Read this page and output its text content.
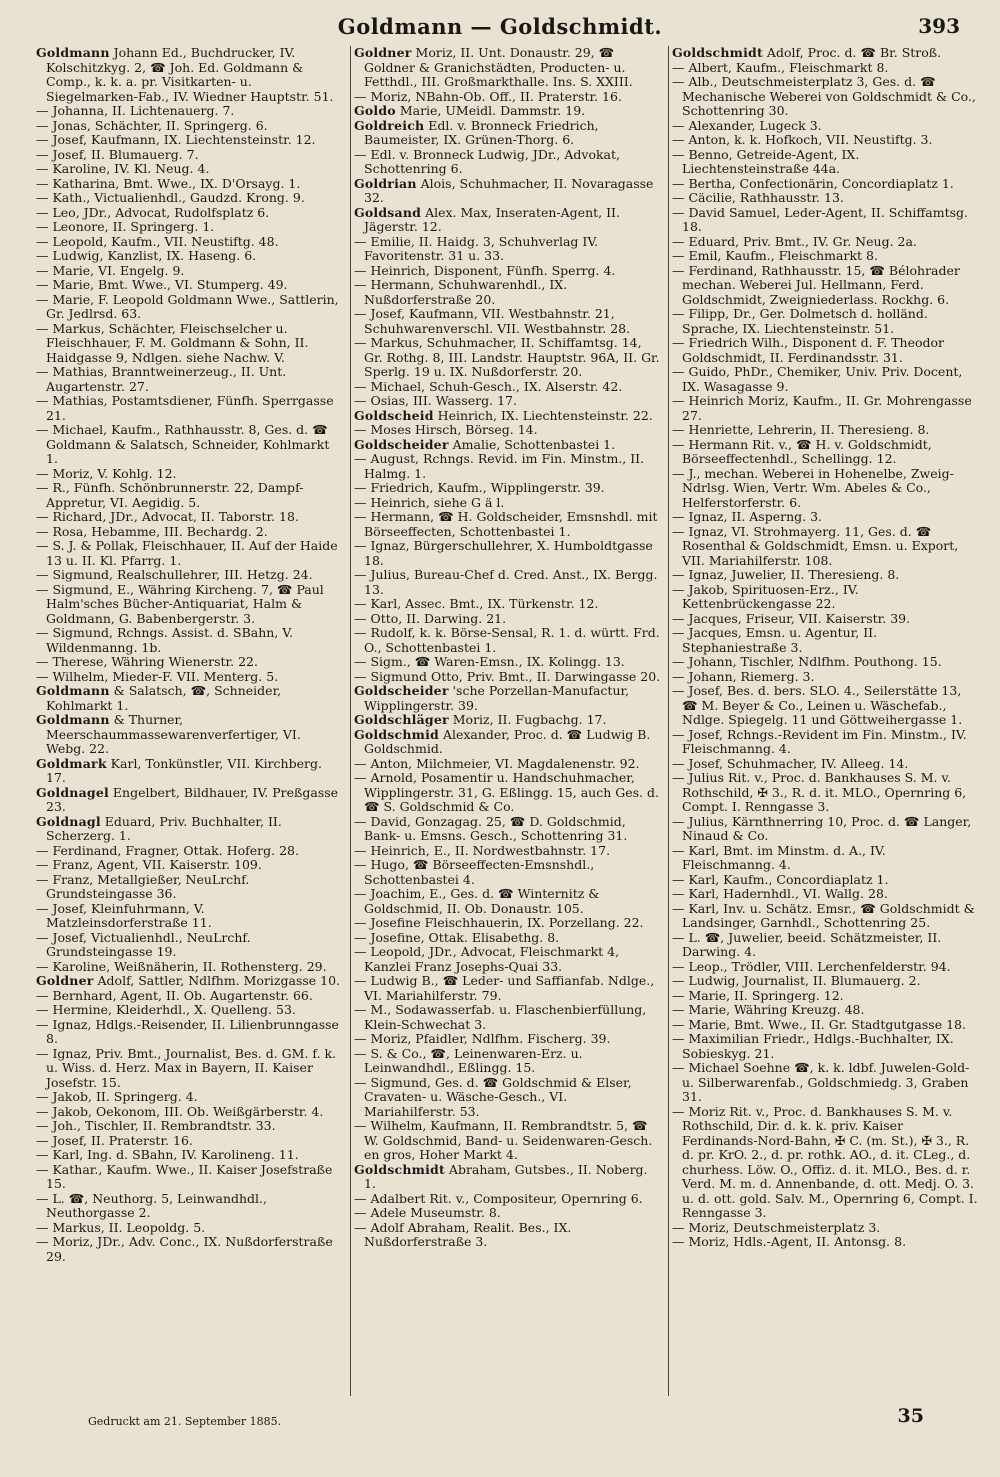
Goldmann — Goldschmidt.	393
Goldmann Johann Ed., Buchdrucker, IV. Kolschitzkyg. 2, ☎ Joh. Ed. Goldmann & Comp., k. k. a. pr. Visitkarten- u. Siegelmarken-Fab., IV. Wiedner Hauptstr. 51.
— Johanna, II. Lichtenauerg. 7.
— Jonas, Schächter, II. Springerg. 6.
— Josef, Kaufmann, IX. Liechtensteinstr. 12.
— Josef, II. Blumauerg. 7.
— Karoline, IV. Kl. Neug. 4.
— Katharina, Bmt. Wwe., IX. D'Orsayg. 1.
— Kath., Victualienhdl., Gaudzd. Krong. 9.
— Leo, JDr., Advocat, Rudolfsplatz 6.
— Leonore, II. Springerg. 1.
— Leopold, Kaufm., VII. Neustiftg. 48.
— Ludwig, Kanzlist, IX. Haseng. 6.
— Marie, VI. Engelg. 9.
— Marie, Bmt. Wwe., VI. Stumperg. 49.
— Marie, F. Leopold Goldmann Wwe., Sattlerin, Gr. Jedlrsd. 63.
— Markus, Schächter, Fleischselcher u. Fleischhauer, F. M. Goldmann & Sohn, II. Haidgasse 9, Ndlgen. siehe Nachw. V.
— Mathias, Branntweinerzeug., II. Unt. Augartenstr. 27.
— Mathias, Postamtsdiener, Fünfh. Sperrgasse 21.
— Michael, Kaufm., Rathhausstr. 8, Ges. d. ☎ Goldmann & Salatsch, Schneider, Kohlmarkt 1.
— Moriz, V. Kohlg. 12.
— R., Fünfh. Schönbrunnerstr. 22, Dampf-Appretur, VI. Aegidig. 5.
— Richard, JDr., Advocat, II. Taborstr. 18.
— Rosa, Hebamme, III. Bechardg. 2.
— S. J. & Pollak, Fleischhauer, II. Auf der Haide 13 u. II. Kl. Pfarrg. 1.
— Sigmund, Realschullehrer, III. Hetzg. 24.
— Sigmund, E., Währing Kircheng. 7, ☎ Paul Halm'sches Bücher-Antiquariat, Halm & Goldmann, G. Babenbergerstr. 3.
— Sigmund, Rchngs. Assist. d. SBahn, V. Wildenmanng. 1b.
— Therese, Währing Wienerstr. 22.
— Wilhelm, Mieder-F. VII. Menterg. 5.
Goldmann & Salatsch, ☎, Schneider, Kohlmarkt 1.
Goldmann & Thurner, Meerschaummassewarenverfertiger, VI. Webg. 22.
Goldmark Karl, Tonkünstler, VII. Kirchberg. 17.
Goldnagel Engelbert, Bildhauer, IV. Preßgasse 23.
Goldnagl Eduard, Priv. Buchhalter, II. Scherzerg. 1.
— Ferdinand, Fragner, Ottak. Hoferg. 28.
— Franz, Agent, VII. Kaiserstr. 109.
— Franz, Metallgießer, NeuLrchf. Grundsteingasse 36.
— Josef, Kleinfuhrmann, V. Matzleinsdorferstraße 11.
— Josef, Victualienhdl., NeuLrchf. Grundsteingasse 19.
— Karoline, Weißnäherin, II. Rothensterg. 29.
Goldner Adolf, Sattler, Ndlfhm. Morizgasse 10.
— Bernhard, Agent, II. Ob. Augartenstr. 66.
— Hermine, Kleiderhdl., X. Quelleng. 53.
— Ignaz, Hdlgs.-Reisender, II. Lilienbrunngasse 8.
— Ignaz, Priv. Bmt., Journalist, Bes. d. GM. f. k. u. Wiss. d. Herz. Max in Bayern, II. Kaiser Josefstr. 15.
— Jakob, II. Springerg. 4.
— Jakob, Oekonom, III. Ob. Weißgärberstr. 4.
— Joh., Tischler, II. Rembrandtstr. 33.
— Josef, II. Praterstr. 16.
— Karl, Ing. d. SBahn, IV. Karolineng. 11.
— Kathar., Kaufm. Wwe., II. Kaiser Josefstraße 15.
— L. ☎, Neuthorg. 5, Leinwandhdl., Neuthorgasse 2.
— Markus, II. Leopoldg. 5.
— Moriz, JDr., Adv. Conc., IX. Nußdorferstraße 29.
Goldner Moriz, II. Unt. Donaustr. 29, ☎ Goldner & Granichstädten, Producten- u. Fetthdl., III. Großmarkthalle. Ins. S. XXIII.
— Moriz, NBahn-Ob. Off., II. Praterstr. 16.
Goldo Marie, UMeidl. Dammstr. 19.
Goldreich Edl. v. Bronneck Friedrich, Baumeister, IX. Grünen-Thorg. 6.
— Edl. v. Bronneck Ludwig, JDr., Advokat, Schottenring 6.
Goldrian Alois, Schuhmacher, II. Novaragasse 32.
Goldsand Alex. Max, Inseraten-Agent, II. Jägerstr. 12.
— Emilie, II. Haidg. 3, Schuhverlag IV. Favoritenstr. 31 u. 33.
— Heinrich, Disponent, Fünfh. Sperrg. 4.
— Hermann, Schuhwarenhdl., IX. Nußdorferstraße 20.
— Josef, Kaufmann, VII. Westbahnstr. 21, Schuhwarenverschl. VII. Westbahnstr. 28.
— Markus, Schuhmacher, II. Schiffamtsg. 14, Gr. Rothg. 8, III. Landstr. Hauptstr. 96A, II. Gr. Sperlg. 19 u. IX. Nußdorferstr. 20.
— Michael, Schuh-Gesch., IX. Alserstr. 42.
— Osias, III. Wasserg. 17.
Goldscheid Heinrich, IX. Liechtensteinstr. 22.
— Moses Hirsch, Börseg. 14.
Goldscheider Amalie, Schottenbastei 1.
— August, Rchngs. Revid. im Fin. Minstm., II. Halmg. 1.
— Friedrich, Kaufm., Wipplingerstr. 39.
— Heinrich, siehe G ä l.
— Hermann, ☎ H. Goldscheider, Emsnshdl. mit Börseeffecten, Schottenbastei 1.
— Ignaz, Bürgerschullehrer, X. Humboldtgasse 18.
— Julius, Bureau-Chef d. Cred. Anst., IX. Bergg. 13.
— Karl, Assec. Bmt., IX. Türkenstr. 12.
— Otto, II. Darwing. 21.
— Rudolf, k. k. Börse-Sensal, R. 1. d. württ. Frd. O., Schottenbastei 1.
— Sigm., ☎ Waren-Emsn., IX. Kolingg. 13.
— Sigmund Otto, Priv. Bmt., II. Darwingasse 20.
Goldscheider 'sche Porzellan-Manufactur, Wipplingerstr. 39.
Goldschläger Moriz, II. Fugbachg. 17.
Goldschmid Alexander, Proc. d. ☎ Ludwig B. Goldschmid.
— Anton, Milchmeier, VI. Magdalenenstr. 92.
— Arnold, Posamentir u. Handschuhmacher, Wipplingerstr. 31, G. Eßlingg. 15, auch Ges. d. ☎ S. Goldschmid & Co.
— David, Gonzagag. 25, ☎ D. Goldschmid, Bank- u. Emsns. Gesch., Schottenring 31.
— Heinrich, E., II. Nordwestbahnstr. 17.
— Hugo, ☎ Börseeffecten-Emsnshdl., Schottenbastei 4.
— Joachim, E., Ges. d. ☎ Winternitz & Goldschmid, II. Ob. Donaustr. 105.
— Josefine Fleischhauerin, IX. Porzellang. 22.
— Josefine, Ottak. Elisabethg. 8.
— Leopold, JDr., Advocat, Fleischmarkt 4, Kanzlei Franz Josephs-Quai 33.
— Ludwig B., ☎ Leder- und Saffianfab. Ndlge., VI. Mariahilferstr. 79.
— M., Sodawasserfab. u. Flaschenbierfüllung, Klein-Schwechat 3.
— Moriz, Pfaidler, Ndlfhm. Fischerg. 39.
— S. & Co., ☎, Leinenwaren-Erz. u. Leinwandhdl., Eßlingg. 15.
— Sigmund, Ges. d. ☎ Goldschmid & Elser, Cravaten- u. Wäsche-Gesch., VI. Mariahilferstr. 53.
— Wilhelm, Kaufmann, II. Rembrandtstr. 5, ☎ W. Goldschmid, Band- u. Seidenwaren-Gesch. en gros, Hoher Markt 4.
Goldschmidt Abraham, Gutsbes., II. Noberg. 1.
— Adalbert Rit. v., Compositeur, Opernring 6.
— Adele Museumstr. 8.
— Adolf Abraham, Realit. Bes., IX. Nußdorferstraße 3.
Goldschmidt Adolf, Proc. d. ☎ Br. Stroß.
— Albert, Kaufm., Fleischmarkt 8.
— Alb., Deutschmeisterplatz 3, Ges. d. ☎ Mechanische Weberei von Goldschmidt & Co., Schottenring 30.
— Alexander, Lugeck 3.
— Anton, k. k. Hofkoch, VII. Neustiftg. 3.
— Benno, Getreide-Agent, IX. Liechtensteinstraße 44a.
— Bertha, Confectionärin, Concordiaplatz 1.
— Cäcilie, Rathhausstr. 13.
— David Samuel, Leder-Agent, II. Schiffamtsg. 18.
— Eduard, Priv. Bmt., IV. Gr. Neug. 2a.
— Emil, Kaufm., Fleischmarkt 8.
— Ferdinand, Rathhausstr. 15, ☎ Bélohrader mechan. Weberei Jul. Hellmann, Ferd. Goldschmidt, Zweigniederlass. Rockhg. 6.
— Filipp, Dr., Ger. Dolmetsch d. holländ. Sprache, IX. Liechtensteinstr. 51.
— Friedrich Wilh., Disponent d. F. Theodor Goldschmidt, II. Ferdinandsstr. 31.
— Guido, PhDr., Chemiker, Univ. Priv. Docent, IX. Wasagasse 9.
— Heinrich Moriz, Kaufm., II. Gr. Mohrengasse 27.
— Henriette, Lehrerin, II. Theresieng. 8.
— Hermann Rit. v., ☎ H. v. Goldschmidt, Börseeffectenhdl., Schellingg. 12.
— J., mechan. Weberei in Hohenelbe, Zweig-Ndrlsg. Wien, Vertr. Wm. Abeles & Co., Helferstorferstr. 6.
— Ignaz, II. Asperng. 3.
— Ignaz, VI. Strohmayerg. 11, Ges. d. ☎ Rosenthal & Goldschmidt, Emsn. u. Export, VII. Mariahilferstr. 108.
— Ignaz, Juwelier, II. Theresieng. 8.
— Jakob, Spirituosen-Erz., IV. Kettenbrückengasse 22.
— Jacques, Friseur, VII. Kaiserstr. 39.
— Jacques, Emsn. u. Agentur, II. Stephaniestraße 3.
— Johann, Tischler, Ndlfhm. Pouthong. 15.
— Johann, Riemerg. 3.
— Josef, Bes. d. bers. SLO. 4., Seilerstätte 13, ☎ M. Beyer & Co., Leinen u. Wäschefab., Ndlge. Spiegelg. 11 und Göttweihergasse 1.
— Josef, Rchngs.-Revident im Fin. Minstm., IV. Fleischmanng. 4.
— Josef, Schuhmacher, IV. Alleeg. 14.
— Julius Rit. v., Proc. d. Bankhauses S. M. v. Rothschild, ✠ 3., R. d. it. MLO., Opernring 6, Compt. I. Renngasse 3.
— Julius, Kärnthnerring 10, Proc. d. ☎ Langer, Ninaud & Co.
— Karl, Bmt. im Minstm. d. A., IV. Fleischmanng. 4.
— Karl, Kaufm., Concordiaplatz 1.
— Karl, Hadernhdl., VI. Wallg. 28.
— Karl, Inv. u. Schätz. Emsr., ☎ Goldschmidt & Landsinger, Garnhdl., Schottenring 25.
— L. ☎, Juwelier, beeid. Schätzmeister, II. Darwing. 4.
— Leop., Trödler, VIII. Lerchenfelderstr. 94.
— Ludwig, Journalist, II. Blumauerg. 2.
— Marie, II. Springerg. 12.
— Marie, Währing Kreuzg. 48.
— Marie, Bmt. Wwe., II. Gr. Stadtgutgasse 18.
— Maximilian Friedr., Hdlgs.-Buchhalter, IX. Sobieskyg. 21.
— Michael Soehne ☎, k. k. ldbf. Juwelen-Gold- u. Silberwarenfab., Goldschmiedg. 3, Graben 31.
— Moriz Rit. v., Proc. d. Bankhauses S. M. v. Rothschild, Dir. d. k. k. priv. Kaiser Ferdinands-Nord-Bahn, ✠ C. (m. St.), ✠ 3., R. d. pr. KrO. 2., d. pr. rothk. AO., d. it. CLeg., d. churhess. Löw. O., Offiz. d. it. MLO., Bes. d. r. Verd. M. m. d. Annenbande, d. ott. Medj. O. 3. u. d. ott. gold. Salv. M., Opernring 6, Compt. I. Renngasse 3.
— Moriz, Deutschmeisterplatz 3.
— Moriz, Hdls.-Agent, II. Antonsg. 8.
Gedruckt am 21. September 1885.	35
